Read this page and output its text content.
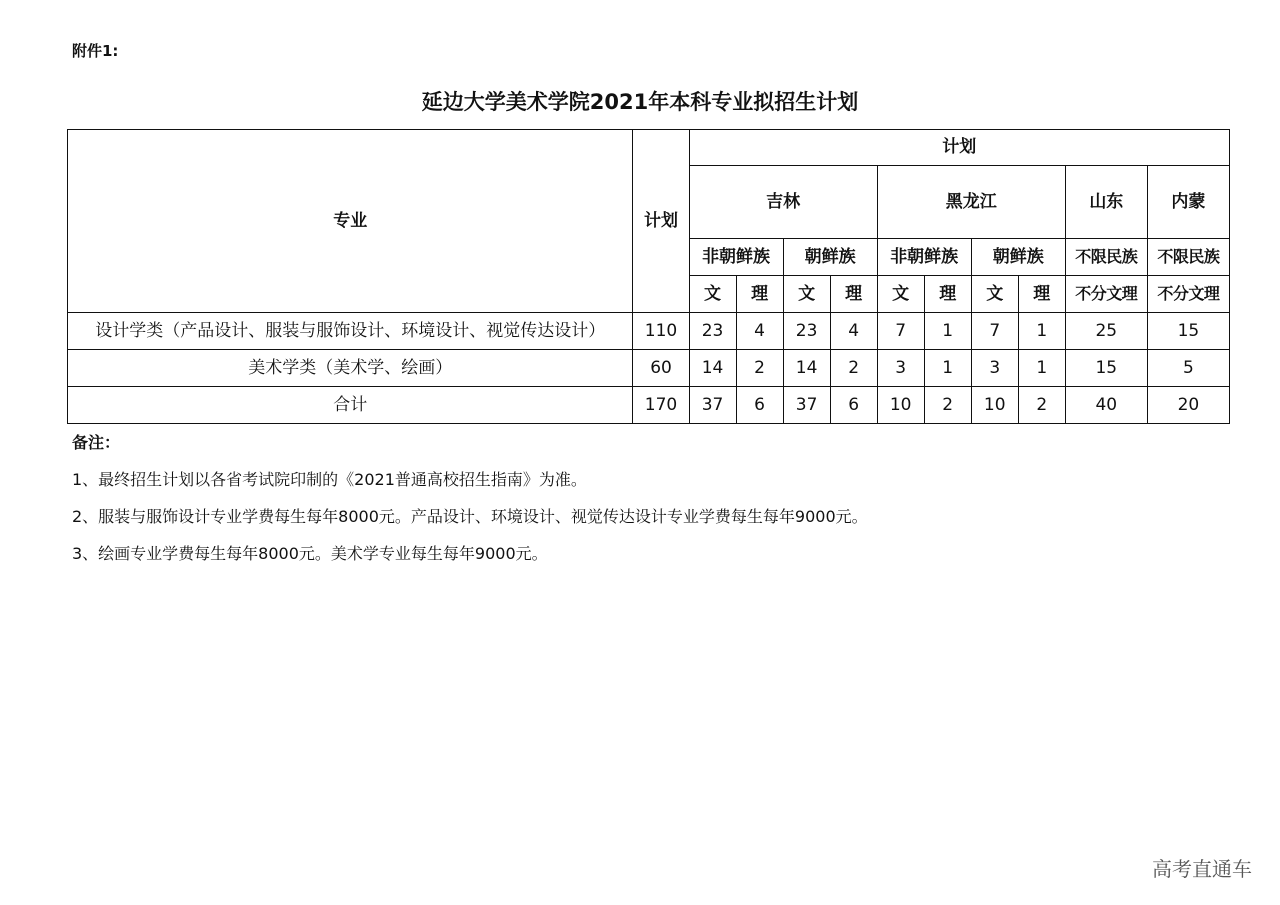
附件1:
延边大学美术学院2021年本科专业拟招生计划
专业	计划	计划									
		吉林				黑龙江				山东	内蒙
		非朝鲜族		朝鲜族		非朝鲜族		朝鲜族		不限民族	不限民族
		文	理	文	理	文	理	文	理	不分文理	不分文理
设计学类（产品设计、服装与服饰设计、环境设计、视觉传达设计）	110	23	4	23	4	7	1	7	1	25	15
美术学类（美术学、绘画）	60	14	2	14	2	3	1	3	1	15	5
合计	170	37	6	37	6	10	2	10	2	40	20
备注：
1、最终招生计划以各省考试院印制的《2021普通高校招生指南》为准。
2、服装与服饰设计专业学费每生每年8000元。产品设计、环境设计、视觉传达设计专业学费每生每年9000元。
3、绘画专业学费每生每年8000元。美术学专业每生每年9000元。
高考直通车
